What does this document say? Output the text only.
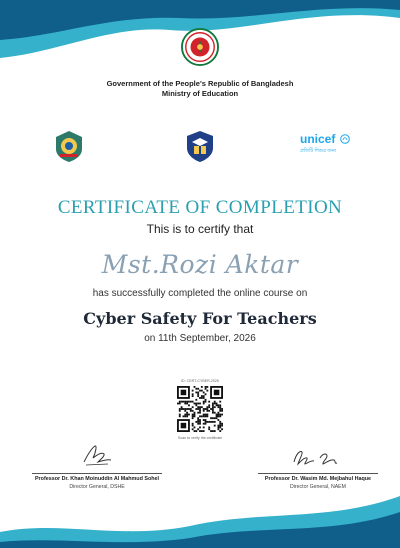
Government of the People's Republic of Bangladesh
Ministry of Education
unicef
প্রতিটি শিশুর জন্য
CERTIFICATE OF COMPLETION
This is to certify that
Mst.Rozi Aktar
has successfully completed the online course on
Cyber Safety For Teachers
on 11th September, 2026
ID: CERT-CYBER-2026
Scan to verify the certificate
Professor Dr. Khan Moinuddin Al Mahmud Sohel
Director General, DSHE
Professor Dr. Wasim Md. Mejbahul Haque
Director General, NAEM
